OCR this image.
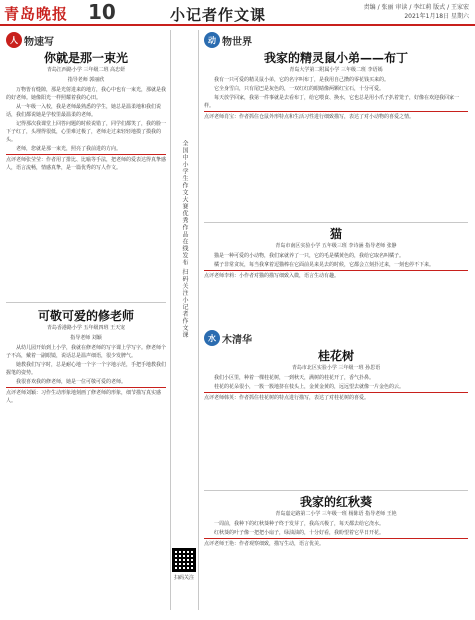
青岛晚报 10	小记者作文课	责编 / 张丽 审读 / 李红莉 版式 / 王家宏
2021年1月18日 星期六
人 物速写
你就是那一束光
青岛江西路小学 三年级二班 高忠妍
指导老师 郭丽欣

万物皆有缝隙，那是光射进来的地方，我心中也有一束光，那就是我的好老师。她像阳光一样照耀着我的心田。

从一年级一入校，我是老师最熟悉的学生，她总是温柔地和我们说话，我们都说她是学校里最温柔的老师。

记得那次我课堂上回答问题的时候说错了，同学们都笑了，我的脸一下子红了，头埋得很低，心里难过极了，老师走过来轻轻地摸了摸我的头。

老师，您就是那一束光，照亮了我前进的方向。

点评老师张莹莹：作者用了排比、比喻等手法，把老师的爱表达得真挚感人，语言流畅，情感真挚，是一篇优秀的写人作文。
可敬可爱的修老师
青岛香港路小学 五年级四班 王天宠
指导老师 刘颖

从幼儿园开始到上小学，我就在修老师的写字课上学写字。修老师个子不高，戴着一副眼镜，说话总是温声细语，很少发脾气。

她教我们写字时，总是耐心地一个字一个字地示范，手把手地教我们握笔的姿势。

我很喜欢我的修老师，她是一位可敬可爱的老师。

点评老师刘颖：习作生动形象地刻画了修老师的形象，细节描写真实感人。
全国中小学生作文大赛优秀作品在线发布 扫码关注小记者作文课
扫码关注
动 物世界
我家的精灵鼠小弟——布丁
青岛大学第二附属小学 三年级二班 李语嫣

我有一只可爱的精灵鼠小弟，它的名字叫布丁，是我用自己攒的零花钱买来的。

它全身雪白，只有尾巴是灰色的，一双红红的眼睛像两颗红宝石，十分可爱。

每天放学回家，我第一件事就是去看布丁，给它喂食、换水，它也总是用小爪子扒着笼子，好像在欢迎我回家一样。

点评老师肖宝：作者抓住仓鼠外形特点和生活习性进行细致描写，表达了对小动物的喜爱之情。
猫
青岛市南区实验小学 五年级三班 李诗涵 指导老师 张静

猫是一种可爱的小动物，我们家就养了一只，它的毛是橘黄色的，我给它取名叫橘子。

橘子非常贪玩，每当我拿着逗猫棒在它面前晃来晃去的时候，它都会立刻扑过来，一刻也停不下来。

点评老师李莉：小作者对猫的描写细致入微，语言生动有趣。
水 木清华
桂花树
青岛市北区实验小学 三年级一班 孙思语

我们小区里，种着一棵桂花树，一到秋天，满树的桂花开了，香气扑鼻。

桂花的花朵很小，一簇一簇地挤在枝头上，金黄金黄的，远远望去就像一片金色的云。

点评老师韩英：作者抓住桂花树的特点进行描写，表达了对桂花树的喜爱。
我家的红秋葵
青岛嘉定路第二小学 三年级一班 杨陈语 指导老师 王艳

一周前，我种下的红秋葵种子终于发芽了，我高兴极了，每天都去给它浇水。

红秋葵的叶子像一把把小扇子，绿油油的，十分好看，我盼望着它早日开花。

点评老师王艳：作者观察细致，描写生动，语言优美。
